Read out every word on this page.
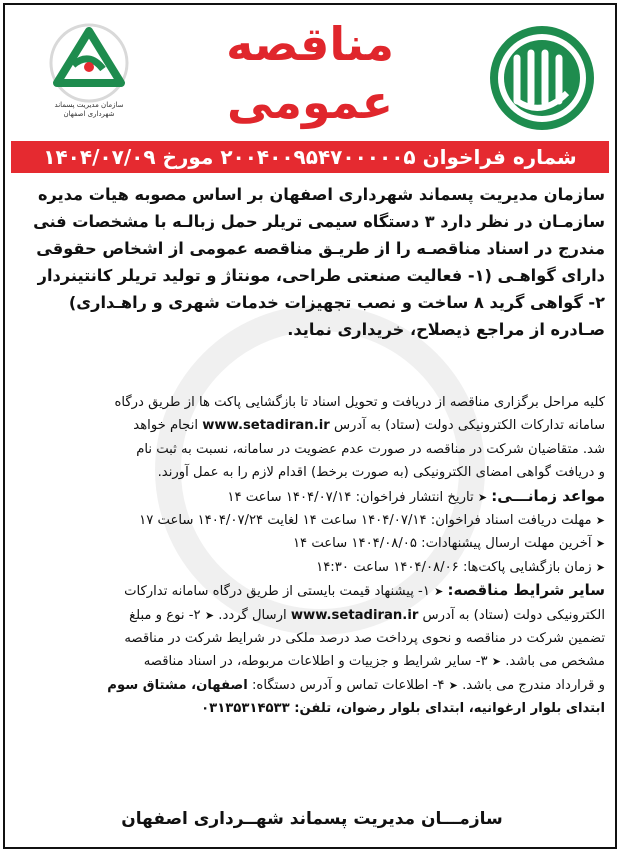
سازمان مدیریت پسماند
شهرداری اصفهان
مناقصه
عمومی
شماره فراخوان ۲۰۰۴۰۰۹۵۴۷۰۰۰۰۰۵ مورخ ۱۴۰۴/۰۷/۰۹

سازمان مدیریت پسماند شهرداری اصفهان بر اساس مصوبه هیات مدیره

سازمـان در نظر دارد ۳ دستگاه سیمی تریلر حمل زبالـه با مشخصات فنی

مندرج در اسناد مناقصـه را از طریـق مناقصه عمومی از اشخاص حقوقی

دارای گواهـی (۱- فعالیت صنعتی طراحی، مونتاژ و تولید تریلر کانتینردار

۲- گواهی گرید ۸ ساخت و نصب تجهیزات خدمات شهری و راهـداری)

صـادره از مراجع ذیصلاح، خریداری نماید.

کلیه مراحل برگزاری مناقصه از دریافت و تحویل اسناد تا بازگشایی پاکت ها از طریق درگاه

سامانه تدارکات الکترونیکی دولت (ستاد) به آدرس www.setadiran.ir انجام خواهد

شد. متقاضیان شرکت در مناقصه در صورت عدم عضویت در سامانه، نسبت به ثبت نام

و دریافت گواهی امضای الکترونیکی (به صورت برخط) اقدام لازم را به عمل آورند.

مواعد زمانـــی: ➤ تاریخ انتشار فراخوان: ۱۴۰۴/۰۷/۱۴ ساعت ۱۴

➤ مهلت دریافت اسناد فراخوان: ۱۴۰۴/۰۷/۱۴ ساعت ۱۴ لغایت ۱۴۰۴/۰۷/۲۴ ساعت ۱۷

➤ آخرین مهلت ارسال پیشنهادات: ۱۴۰۴/۰۸/۰۵ ساعت ۱۴

➤ زمان بازگشایی پاکت‌ها: ۱۴۰۴/۰۸/۰۶ ساعت ۱۴:۳۰

سایر شرایط مناقصه: ➤ ۱- پیشنهاد قیمت بایستی از طریق درگاه سامانه تدارکات

الکترونیکی دولت (ستاد) به آدرس www.setadiran.ir ارسال گردد. ➤ ۲- نوع و مبلغ

تضمین شرکت در مناقصه و نحوی پرداخت صد درصد ملکی در شرایط شرکت در مناقصه

مشخص می باشد. ➤ ۳- سایر شرایط و جزییات و اطلاعات مربوطه، در اسناد مناقصه

و قرارداد مندرج می باشد. ➤ ۴- اطلاعات تماس و آدرس دستگاه: اصفهان، مشتاق سوم

ابتدای بلوار ارغوانیه، ابتدای بلوار رضوان، تلفن: ۰۳۱۳۵۳۱۴۵۳۳

سازمـــان مدیریت پسماند شهــرداری اصفهان
